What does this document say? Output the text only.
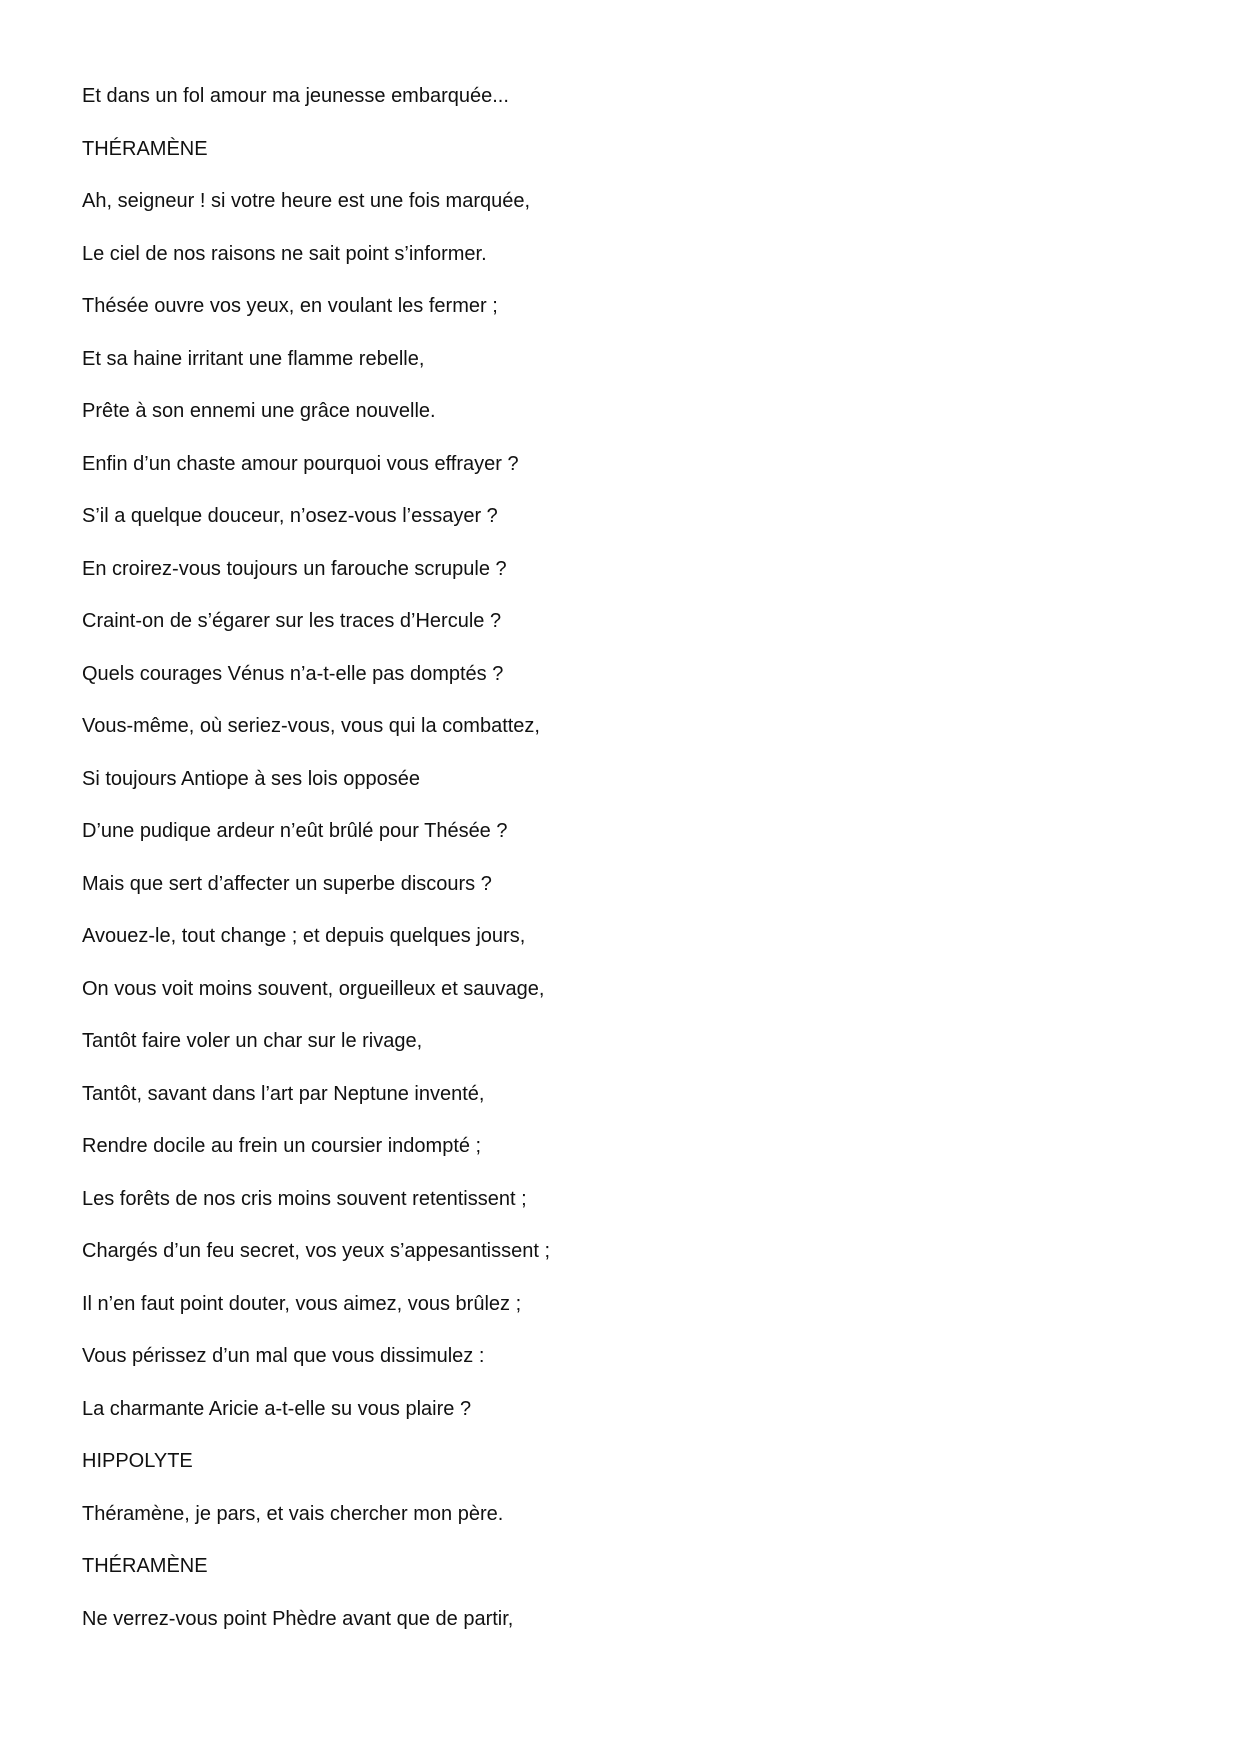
Et dans un fol amour ma jeunesse embarquée...
THÉRAMÈNE
Ah, seigneur ! si votre heure est une fois marquée,
Le ciel de nos raisons ne sait point s’informer.
Thésée ouvre vos yeux, en voulant les fermer ;
Et sa haine irritant une flamme rebelle,
Prête à son ennemi une grâce nouvelle.
Enfin d’un chaste amour pourquoi vous effrayer ?
S’il a quelque douceur, n’osez-vous l’essayer ?
En croirez-vous toujours un farouche scrupule ?
Craint-on de s’égarer sur les traces d’Hercule ?
Quels courages Vénus n’a-t-elle pas domptés ?
Vous-même, où seriez-vous, vous qui la combattez,
Si toujours Antiope à ses lois opposée
D’une pudique ardeur n’eût brûlé pour Thésée ?
Mais que sert d’affecter un superbe discours ?
Avouez-le, tout change ; et depuis quelques jours,
On vous voit moins souvent, orgueilleux et sauvage,
Tantôt faire voler un char sur le rivage,
Tantôt, savant dans l’art par Neptune inventé,
Rendre docile au frein un coursier indompté ;
Les forêts de nos cris moins souvent retentissent ;
Chargés d’un feu secret, vos yeux s’appesantissent ;
Il n’en faut point douter, vous aimez, vous brûlez ;
Vous périssez d’un mal que vous dissimulez :
La charmante Aricie a-t-elle su vous plaire ?
HIPPOLYTE
Théramène, je pars, et vais chercher mon père.
THÉRAMÈNE
Ne verrez-vous point Phèdre avant que de partir,
